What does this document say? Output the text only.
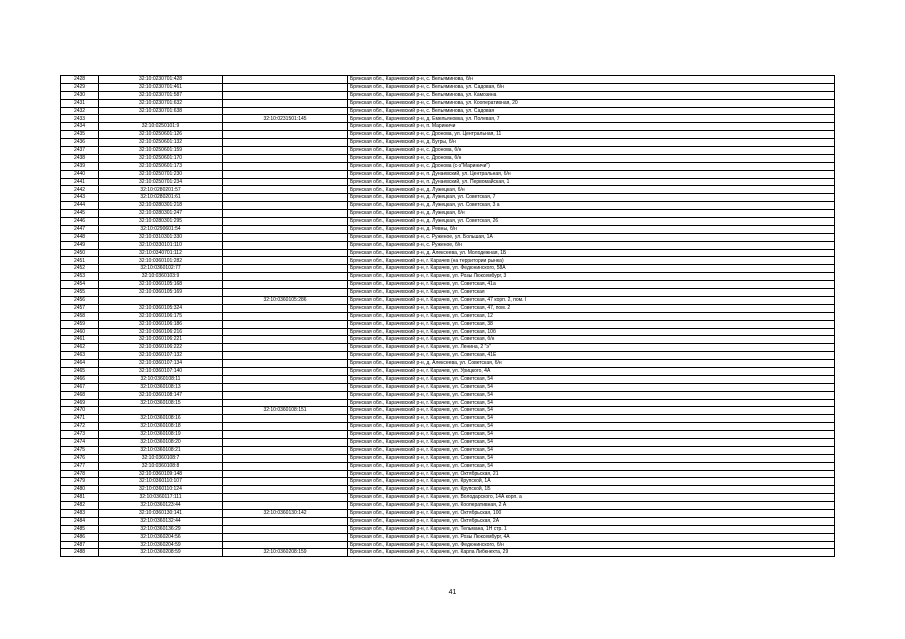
2428	32:10:0230701:428		Брянская обл., Карачевский р-н, с. Вельяминова, б/н
2429	32:10:0230701:461		Брянская обл., Карачевский р-н, с. Вельяминова, ул. Садовая, б/н
2430	32:10:0230701:587		Брянская обл., Карачевский р-н, с. Вельяминова, ул. Камозина
2431	32:10:0230701:632		Брянская обл., Карачевский р-н, с. Вельяминова, ул. Кооперативная, 20
2432	32:10:0230701:638		Брянская обл., Карачевский р-н, с. Вельяминова, ул. Садовая
2433		32:10:0231501:145	Брянская обл., Карачевский р-н, д. Емельяновка, ул. Полевая, 7
2434	32:10:0250101:9		Брянская обл., Карачевский р-н, п. Мариничи
2435	32:10:0250601:126		Брянская обл., Карачевский р-н, с. Дронова, ул. Центральная, 11
2436	32:10:0250601:132		Брянская обл., Карачевский р-н, д. Бугры, б/н
2437	32:10:0250601:159		Брянская обл., Карачевский р-н, с. Дронова, б/н
2438	32:10:0250601:170		Брянская обл., Карачевский р-н, с. Дронова, б/н
2439	32:10:0250601:173		Брянская обл., Карачевский р-н, с. Дронова (с-з"Мариничи")
2440	32:10:0250701:230		Брянская обл., Карачевский р-н, п. Дунаевский, ул. Центральная, б/н
2441	32:10:0250701:234		Брянская обл., Карачевский р-н, п. Дунаевский, ул. Первомайская, 1
2442	32:10:0280201:57		Брянская обл., Карачевский р-н, д. Лужецкая, б/н
2443	32:10:0280201:61		Брянская обл., Карачевский р-н, д. Лужецкая, ул. Советская, 7
2444	32:10:0280301:218		Брянская обл., Карачевский р-н, д. Лужецкая, ул. Советская, 3 а
2445	32:10:0280301:247		Брянская обл., Карачевский р-н, д. Лужецкая, б/н
2446	32:10:0280301:295		Брянская обл., Карачевский р-н, д. Лужецкая, ул. Советская, 26
2447	32:10:0290601:54		Брянская обл., Карачевский р-н, д. Ревны, б/н
2448	32:10:0310301:330		Брянская обл., Карачевский р-н, с. Руженое, ул. Большая, 1А
2449	32:10:0330101:110		Брянская обл., Карачевский р-н, с. Руженое, б/н
2450	32:10:0340701:112		Брянская обл., Карачевский р-н, д. Алексеева, ул. Молодежная, 1Б
2451	32:10:0360101:282		Брянская обл., Карачевский р-н, г. Карачев (на территории рынка)
2452	32:10:0360102:77		Брянская обл., Карачевский р-н, г. Карачев, ул. Федюнинского, 58А
2453	32:10:0360103:9		Брянская обл., Карачевский р-н, г. Карачев, ул. Розы Люксембург, 3
2454	32:10:0360105:168		Брянская обл., Карачевский р-н, г. Карачев, ул. Советская, 41а
2455	32:10:0360105:169		Брянская обл., Карачевский р-н, г. Карачев, ул. Советская
2456		32:10:0360105:286	Брянская обл., Карачевский р-н, г. Карачев, ул. Советская, 47 корп. 2, пом. I
2457	32:10:0360105:324		Брянская обл., Карачевский р-н, г. Карачев, ул. Советская, 47, пом. 2
2458	32:10:0360106:175		Брянская обл., Карачевский р-н, г. Карачев, ул. Советская, 12
2459	32:10:0360106:186		Брянская обл., Карачевский р-н, г. Карачев, ул. Советская, 38
2460	32:10:0360106:216		Брянская обл., Карачевский р-н, г. Карачев, ул. Советская, 10б
2461	32:10:0360106:221		Брянская обл., Карачевский р-н, г. Карачев, ул. Советская, б/н
2462	32:10:0360106:222		Брянская обл., Карачевский р-н, г. Карачев, ул. Ленина, 2 "э"
2463	32:10:0360107:132		Брянская обл., Карачевский р-н, г. Карачев, ул. Советская, 41Е
2464	32:10:0360107:134		Брянская обл., Карачевский р-н, д. Алексеева, ул. Советская, б/н
2465	32:10:0360107:140		Брянская обл., Карачевский р-н, г. Карачев, ул. Урицкого, 4А
2466	32:10:0360108:11		Брянская обл., Карачевский р-н, г. Карачев, ул. Советская, 54
2467	32:10:0360108:13		Брянская обл., Карачевский р-н, г. Карачев, ул. Советская, 54
2468	32:10:0360108:147		Брянская обл., Карачевский р-н, г. Карачев, ул. Советская, 54
2469	32:10:0360108:15		Брянская обл., Карачевский р-н, г. Карачев, ул. Советская, 54
2470		32:10:0360108:151	Брянская обл., Карачевский р-н, г. Карачев, ул. Советская, 54
2471	32:10:0360108:16		Брянская обл., Карачевский р-н, г. Карачев, ул. Советская, 54
2472	32:10:0360108:18		Брянская обл., Карачевский р-н, г. Карачев, ул. Советская, 54
2473	32:10:0360108:19		Брянская обл., Карачевский р-н, г. Карачев, ул. Советская, 54
2474	32:10:0360108:20		Брянская обл., Карачевский р-н, г. Карачев, ул. Советская, 54
2475	32:10:0360108:21		Брянская обл., Карачевский р-н, г. Карачев, ул. Советская, 54
2476	32:10:0360108:7		Брянская обл., Карачевский р-н, г. Карачев, ул. Советская, 54
2477	32:10:0360108:8		Брянская обл., Карачевский р-н, г. Карачев, ул. Советская, 54
2478	32:10:0360109:148		Брянская обл., Карачевский р-н, г. Карачев, ул. Октябрьская, 21
2479	32:10:0360110:107		Брянская обл., Карачевский р-н, г. Карачев, ул. Крупской, 1А
2480	32:10:0360110:124		Брянская обл., Карачевский р-н, г. Карачев, ул. Крупской, 1Б
2481	32:10:0360117:111		Брянская обл., Карачевский р-н, г. Карачев, ул. Володарского, 14А корп. а
2482	32:10:0360123:44		Брянская обл., Карачевский р-н, г. Карачев, ул. Кооперативная, 2 А
2483	32:10:0360130:141	32:10:0360130:142	Брянская обл., Карачевский р-н, г. Карачев, ул. Октябрьская, 100
2484	32:10:0360132:44		Брянская обл., Карачевский р-н, г. Карачев, ул. Октябрьская, 2А
2485	32:10:0360136:29		Брянская обл., Карачевский р-н, г. Карачев, ул. Тельмана, 1Н стр. 1
2486	32:10:0360204:56		Брянская обл., Карачевский р-н, г. Карачев, ул. Розы Люксембург, 4А
2487	32:10:0360204:59		Брянская обл., Карачевский р-н, г. Карачев, ул. Федюнинского, б/н
2488	32:10:0360208:59	32:10:0360208:159	Брянская обл., Карачевский р-н, г. Карачев, ул. Карла Либкнехта, 29
41
